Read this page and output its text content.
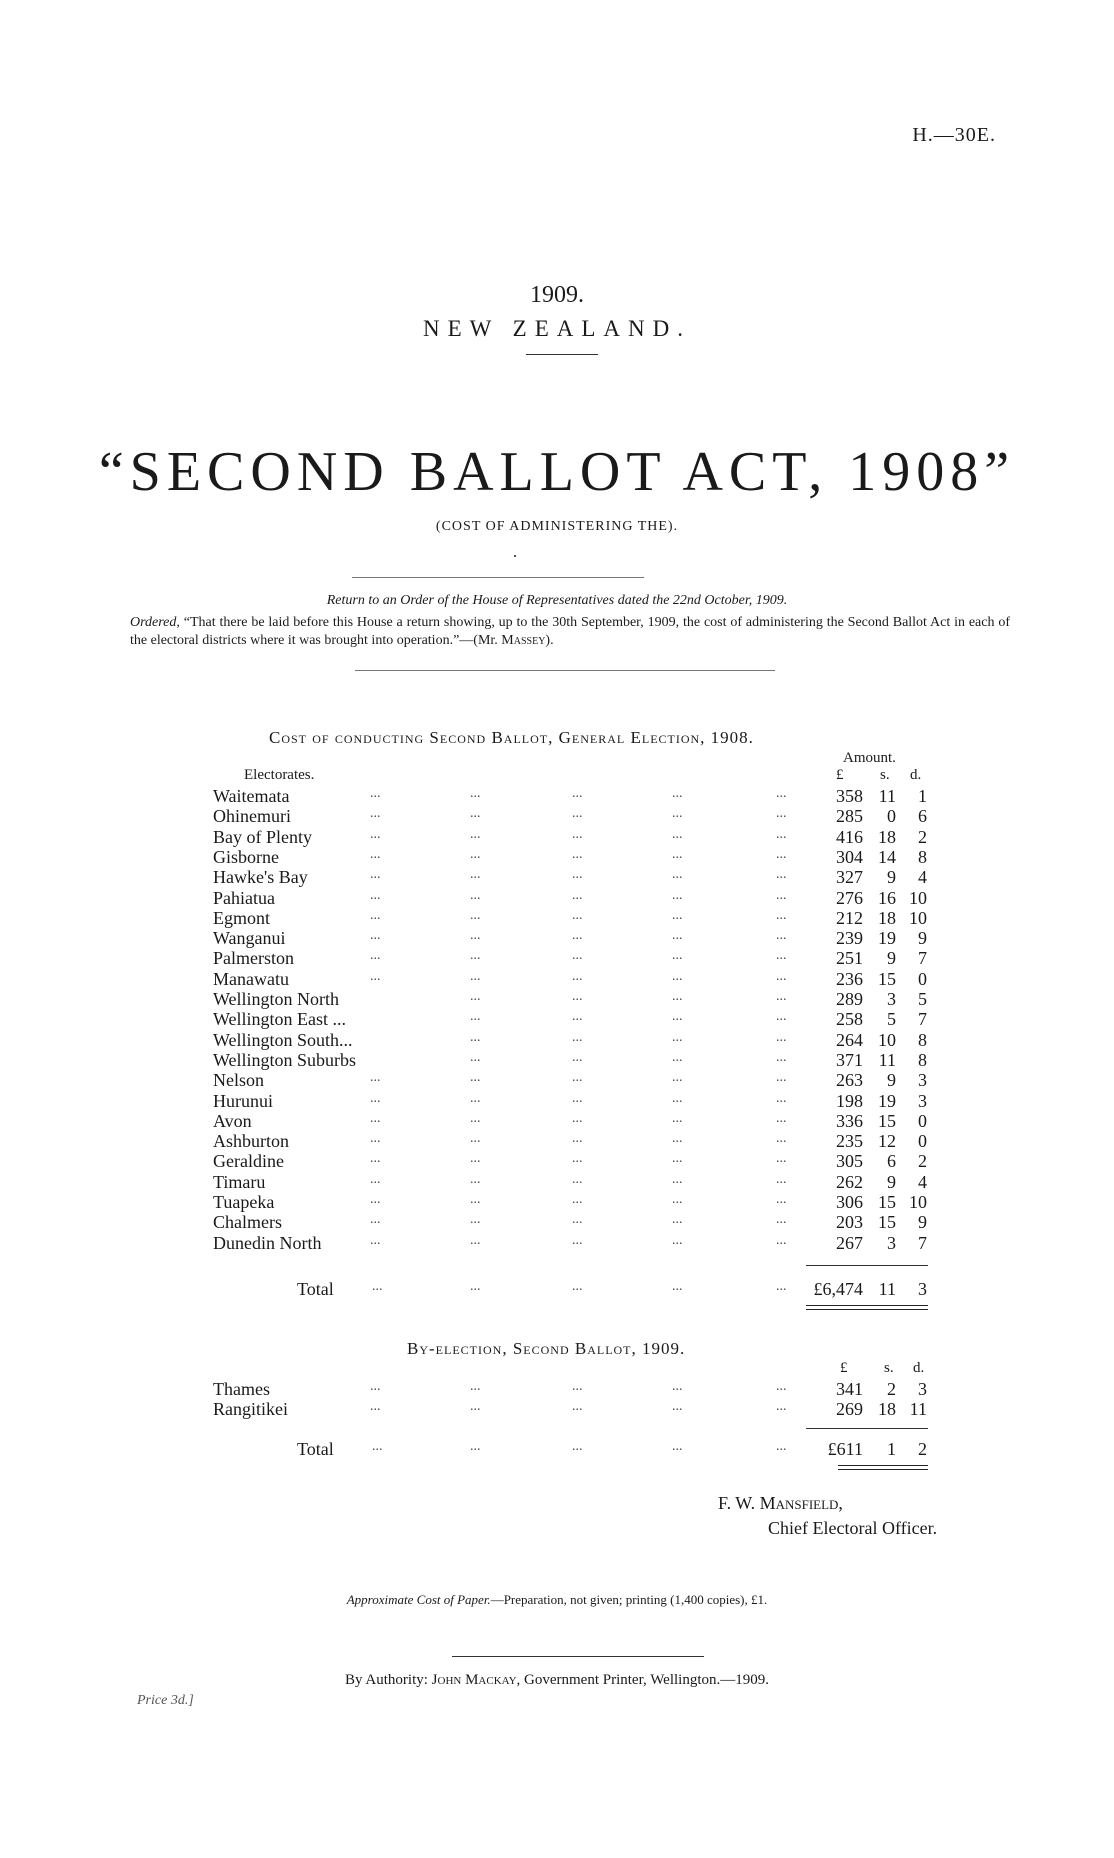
H.—30E.
1909.
NEW ZEALAND.
“SECOND BALLOT ACT, 1908”
(COST OF ADMINISTERING THE).
Return to an Order of the House of Representatives dated the 22nd October, 1909.
Ordered, “That there be laid before this House a return showing, up to the 30th September, 1909, the cost of administering the Second Ballot Act in each of the electoral districts where it was brought into operation.”—(Mr. Massey).
Cost of conducting Second Ballot, General Election, 1908.
Amount.
Electorates.	£ s. d.
Waitemata	...	...	...	...	...	358 11	1
Ohinemuri	...	...	...	...	...	285	0	6
Bay of Plenty	...	...	...	...	...	416 18	2
Gisborne	...	...	...	...	...	304 14	8
Hawke's Bay	...	...	...	...	...	327	9	4
Pahiatua	...	...	...	...	...	276 16 10
Egmont	...	...	...	...	...	212 18 10
Wanganui	...	...	...	...	...	239 19	9
Palmerston	...	...	...	...	...	251	9	7
Manawatu	...	...	...	...	...	236 15	0
Wellington North	...	...	...	...	289	3	5
Wellington East ...	...	...	...	...	258	5	7
Wellington South...	...	...	...	...	264 10	8
Wellington Suburbs	...	...	...	...	371 11	8
Nelson	...	...	...	...	...	263	9	3
Hurunui	...	...	...	...	...	198 19	3
Avon	...	...	...	...	...	336 15	0
Ashburton	...	...	...	...	...	235 12	0
Geraldine	...	...	...	...	...	305	6	2
Timaru	...	...	...	...	...	262	9	4
Tuapeka	...	...	...	...	...	306 15 10
Chalmers	...	...	...	...	...	203 15	9
Dunedin North	...	...	...	...	...	267	3	7
Total	...	...	...	...	...	£6,474 11	3
By-election, Second Ballot, 1909.
£ s. d.
Thames	...	...	...	...	...	341	2	3
Rangitikei	...	...	...	...	...	269 18 11
Total	...	...	...	...	...	£611	1	2
F. W. Mansfield,
Chief Electoral Officer.
Approximate Cost of Paper.—Preparation, not given; printing (1,400 copies), £1.
By Authority: John Mackay, Government Printer, Wellington.—1909.
Price 3d.]
